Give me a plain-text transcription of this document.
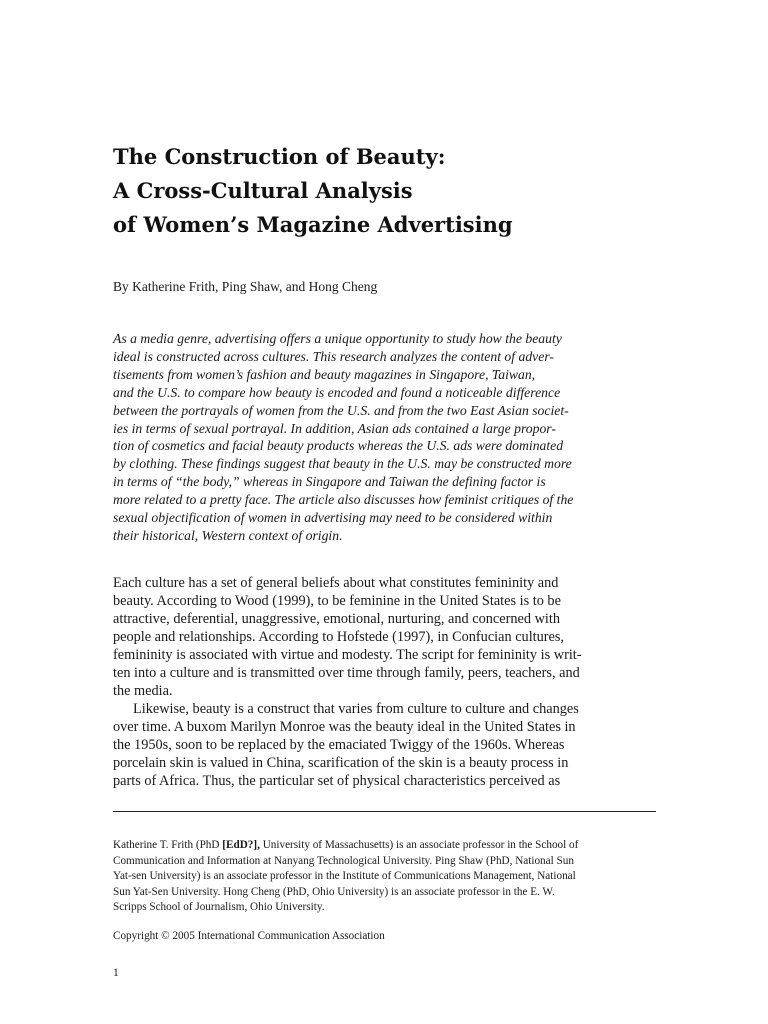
The Construction of Beauty:
A Cross-Cultural Analysis
of Women’s Magazine Advertising
By Katherine Frith, Ping Shaw, and Hong Cheng

As a media genre, advertising offers a unique opportunity to study how the beauty
ideal is constructed across cultures. This research analyzes the content of adver-
tisements from women’s fashion and beauty magazines in Singapore, Taiwan,
and the U.S. to compare how beauty is encoded and found a noticeable difference
between the portrayals of women from the U.S. and from the two East Asian societ-
ies in terms of sexual portrayal. In addition, Asian ads contained a large propor-
tion of cosmetics and facial beauty products whereas the U.S. ads were dominated
by clothing. These findings suggest that beauty in the U.S. may be constructed more
in terms of “the body,” whereas in Singapore and Taiwan the defining factor is
more related to a pretty face. The article also discusses how feminist critiques of the
sexual objectification of women in advertising may need to be considered within
their historical, Western context of origin.

Each culture has a set of general beliefs about what constitutes femininity and
beauty. According to Wood (1999), to be feminine in the United States is to be
attractive, deferential, unaggressive, emotional, nurturing, and concerned with
people and relationships. According to Hofstede (1997), in Confucian cultures,
femininity is associated with virtue and modesty. The script for femininity is writ-
ten into a culture and is transmitted over time through family, peers, teachers, and
the media.
Likewise, beauty is a construct that varies from culture to culture and changes
over time. A buxom Marilyn Monroe was the beauty ideal in the United States in
the 1950s, soon to be replaced by the emaciated Twiggy of the 1960s. Whereas
porcelain skin is valued in China, scarification of the skin is a beauty process in
parts of Africa. Thus, the particular set of physical characteristics perceived as

Katherine T. Frith (PhD [EdD?], University of Massachusetts) is an associate professor in the School of
Communication and Information at Nanyang Technological University. Ping Shaw (PhD, National Sun
Yat-sen University) is an associate professor in the Institute of Communications Management, National
Sun Yat-Sen University. Hong Cheng (PhD, Ohio University) is an associate professor in the E. W.
Scripps School of Journalism, Ohio University.

Copyright © 2005 International Communication Association
1
